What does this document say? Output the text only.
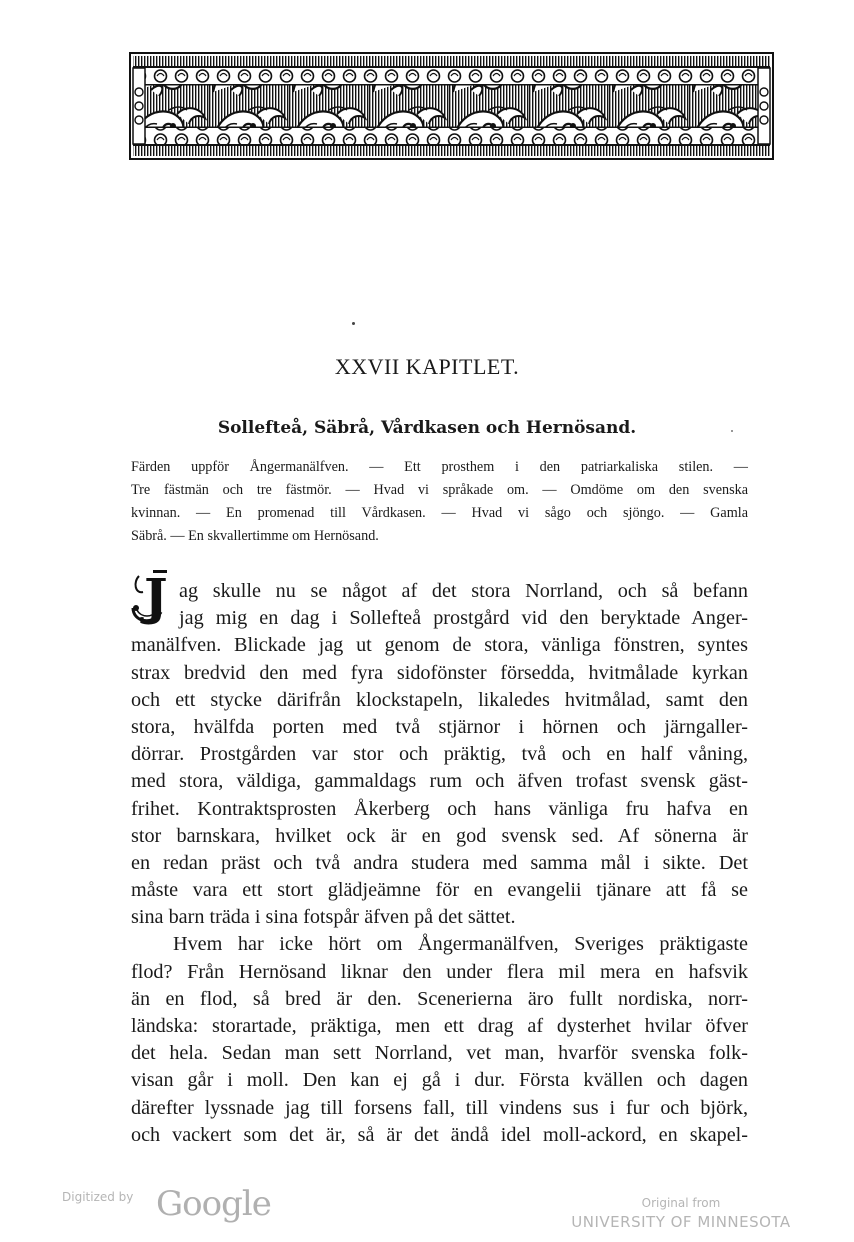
XXVII KAPITLET.
Sollefteå, Säbrå, Vårdkasen och Hernösand.
Färden uppför Ångermanälfven. — Ett prosthem i den patriarkaliska stilen. —
Tre fästmän och tre fästmör. — Hvad vi språkade om. — Omdöme om den svenska
kvinnan. — En promenad till Vårdkasen. — Hvad vi sågo och sjöngo. — Gamla
Säbrå. — En skvallertimme om Hernösand.
J ag skulle nu se något af det stora Norrland, och så befann
jag mig en dag i Sollefteå prostgård vid den beryktade Anger-
manälfven. Blickade jag ut genom de stora, vänliga fönstren, syntes
strax bredvid den med fyra sidofönster försedda, hvitmålade kyrkan
och ett stycke därifrån klockstapeln, likaledes hvitmålad, samt den
stora, hvälfda porten med två stjärnor i hörnen och järngaller-
dörrar. Prostgården var stor och präktig, två och en half våning,
med stora, väldiga, gammaldags rum och äfven trofast svensk gäst-
frihet. Kontraktsprosten Åkerberg och hans vänliga fru hafva en
stor barnskara, hvilket ock är en god svensk sed. Af sönerna är
en redan präst och två andra studera med samma mål i sikte. Det
måste vara ett stort glädjeämne för en evangelii tjänare att få se
sina barn träda i sina fotspår äfven på det sättet.
Hvem har icke hört om Ångermanälfven, Sveriges präktigaste
flod? Från Hernösand liknar den under flera mil mera en hafsvik
än en flod, så bred är den. Scenerierna äro fullt nordiska, norr-
ländska: storartade, präktiga, men ett drag af dysterhet hvilar öfver
det hela. Sedan man sett Norrland, vet man, hvarför svenska folk-
visan går i moll. Den kan ej gå i dur. Första kvällen och dagen
därefter lyssnade jag till forsens fall, till vindens sus i fur och björk,
och vackert som det är, så är det ändå idel moll-ackord, en skapel-
Digitized by Google	Original from
UNIVERSITY OF MINNESOTA
